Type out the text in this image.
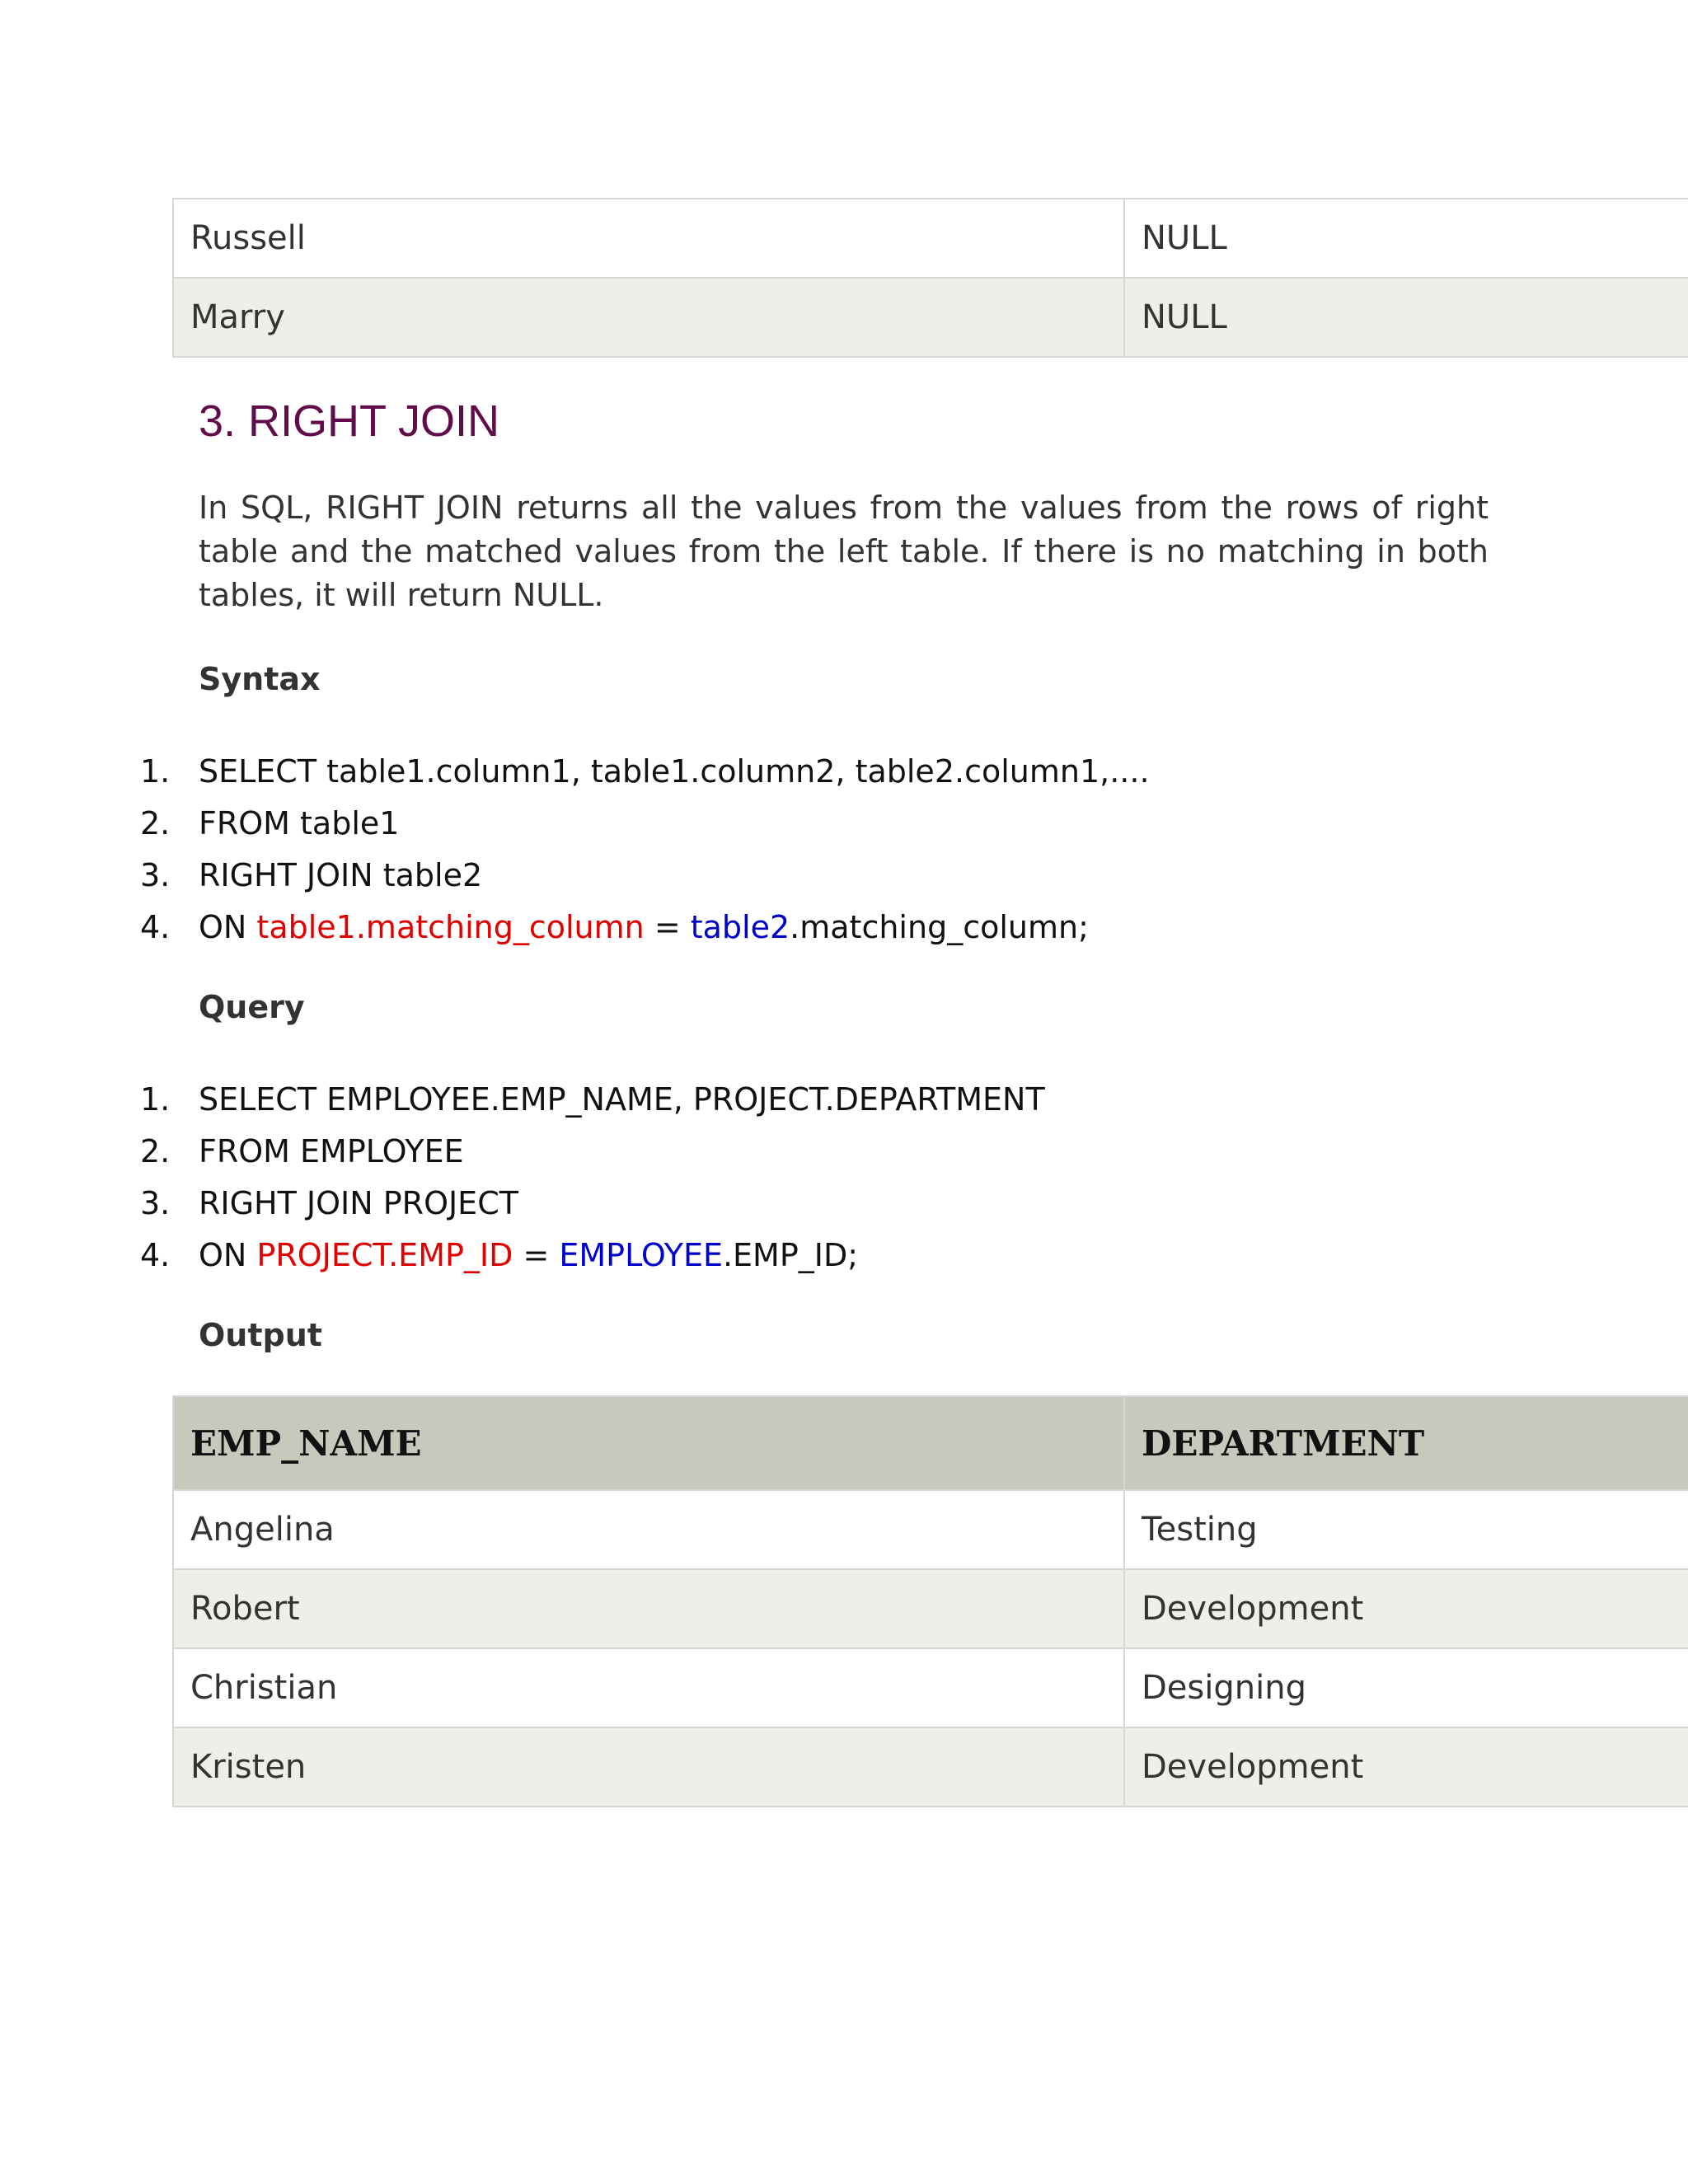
Russell	NULL
Marry	NULL
3. RIGHT JOIN

In SQL, RIGHT JOIN returns all the values from the values from the rows of right table and the matched values from the left table. If there is no matching in both tables, it will return NULL.

Syntax

1. SELECT table1.column1, table1.column2, table2.column1,....
2. FROM table1
3. RIGHT JOIN table2
4. ON table1.matching_column = table2.matching_column;

Query

1. SELECT EMPLOYEE.EMP_NAME, PROJECT.DEPARTMENT
2. FROM EMPLOYEE
3. RIGHT JOIN PROJECT
4. ON PROJECT.EMP_ID = EMPLOYEE.EMP_ID;

Output

EMP_NAME	DEPARTMENT
Angelina	Testing
Robert	Development
Christian	Designing
Kristen	Development
